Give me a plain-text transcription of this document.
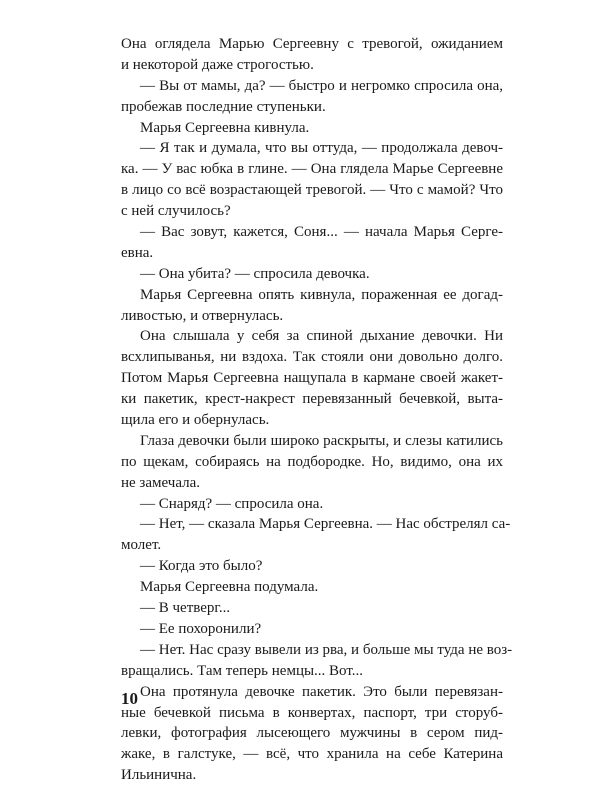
Она оглядела Марью Сергеевну с тревогой, ожиданием
и некоторой даже строгостью.
— Вы от мамы, да? — быстро и негромко спросила она,
пробежав последние ступеньки.
Марья Сергеевна кивнула.
— Я так и думала, что вы оттуда, — продолжала девоч-
ка. — У вас юбка в глине. — Она глядела Марье Сергеевне
в лицо со всё возрастающей тревогой. — Что с мамой? Что
с ней случилось?
— Вас зовут, кажется, Соня... — начала Марья Серге-
евна.
— Она убита? — спросила девочка.
Марья Сергеевна опять кивнула, пораженная ее догад-
ливостью, и отвернулась.
Она слышала у себя за спиной дыхание девочки. Ни
всхлипыванья, ни вздоха. Так стояли они довольно долго.
Потом Марья Сергеевна нащупала в кармане своей жакет-
ки пакетик, крест-накрест перевязанный бечевкой, выта-
щила его и обернулась.
Глаза девочки были широко раскрыты, и слезы катились
по щекам, собираясь на подбородке. Но, видимо, она их
не замечала.
— Снаряд? — спросила она.
— Нет, — сказала Марья Сергеевна. — Нас обстрелял са-
молет.
— Когда это было?
Марья Сергеевна подумала.
— В четверг...
— Ее похоронили?
— Нет. Нас сразу вывели из рва, и больше мы туда не воз-
вращались. Там теперь немцы... Вот...
Она протянула девочке пакетик. Это были перевязан-
ные бечевкой письма в конвертах, паспорт, три сторуб-
левки, фотография лысеющего мужчины в сером пид-
жаке, в галстуке, — всё, что хранила на себе Катерина
Ильинична.
10
